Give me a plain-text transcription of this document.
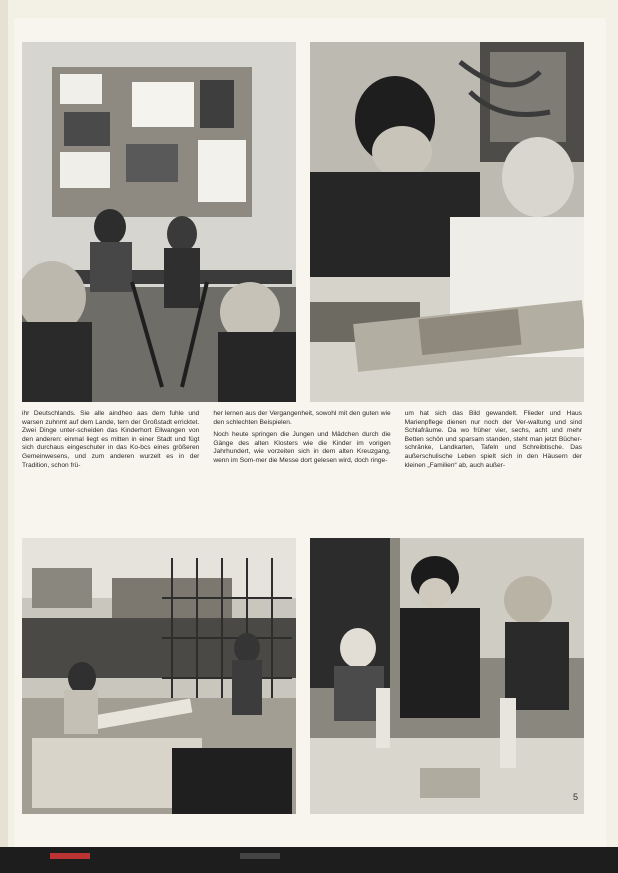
ihr Deutschlands. Sie alle aindheo aas dem fuhle und warsen zuhnmt auf dem Lande, tern der Großstadt erricktet. Zwei Dinge unter-scheiden das Kinderhort Ellwangen von den anderen: einmal liegt es mitten in einer Stadt und fügt sich durchaus eingeschuter in das Ko-bcs eines größeren Gemeinwesens, und zum anderen wurzelt es in der Tradition, schon frü-

her lernen aus der Vergangenheit, sowohl mit den guten wie den schlechten Beispielen.

Noch heute springen die Jungen und Mädchen durch die Gänge des alten Klosters wie die Kinder im vorigen Jahrhundert, wie vorzeiten sich in dem alten Kreuzgang, wenn im Som-mer die Messe dort gelesen wird, doch ringe-

um hat sich das Bild gewandelt. Flieder und Haus Marienpflege dienen nur noch der Ver-waltung und sind Schlafräume. Da wo früher vier, sechs, acht und mehr Betten schön und sparsam standen, steht man jetzt Bücher-schränke, Landkarten, Tafeln und Schreibtische. Das außerschulische Leben spielt sich in den Häusern der kleinen „Familien“ ab, auch außer-

5
